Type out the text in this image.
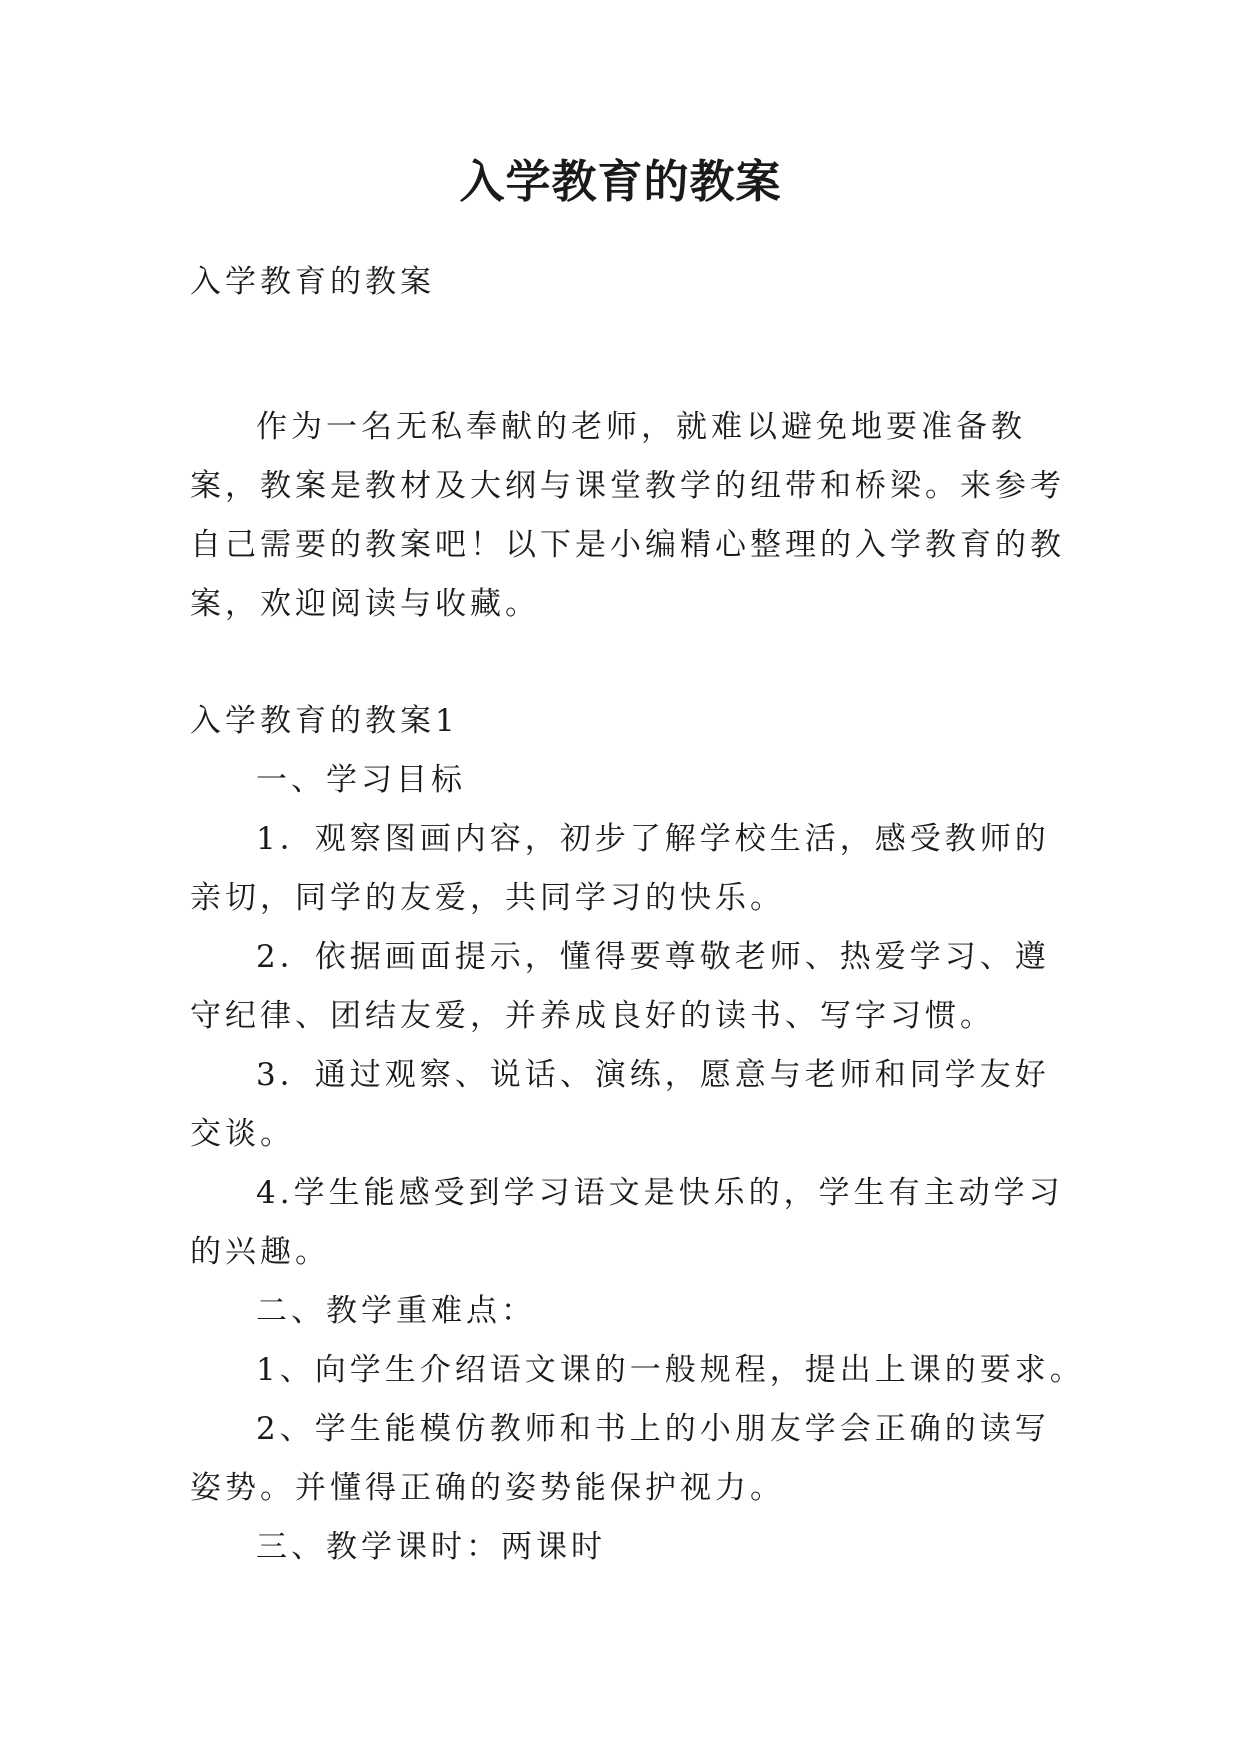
入学教育的教案

入学教育的教案

作为一名无私奉献的老师，就难以避免地要准备教案，教案是教材及大纲与课堂教学的纽带和桥梁。来参考自己需要的教案吧！以下是小编精心整理的入学教育的教案，欢迎阅读与收藏。

入学教育的教案1

一、学习目标

1．观察图画内容，初步了解学校生活，感受教师的亲切，同学的友爱，共同学习的快乐。

2．依据画面提示，懂得要尊敬老师、热爱学习、遵守纪律、团结友爱，并养成良好的读书、写字习惯。

3．通过观察、说话、演练，愿意与老师和同学友好交谈。

4.学生能感受到学习语文是快乐的，学生有主动学习的兴趣。

二、教学重难点：

1、向学生介绍语文课的一般规程，提出上课的要求。

2、学生能模仿教师和书上的小朋友学会正确的读写姿势。并懂得正确的姿势能保护视力。

三、教学课时：两课时
